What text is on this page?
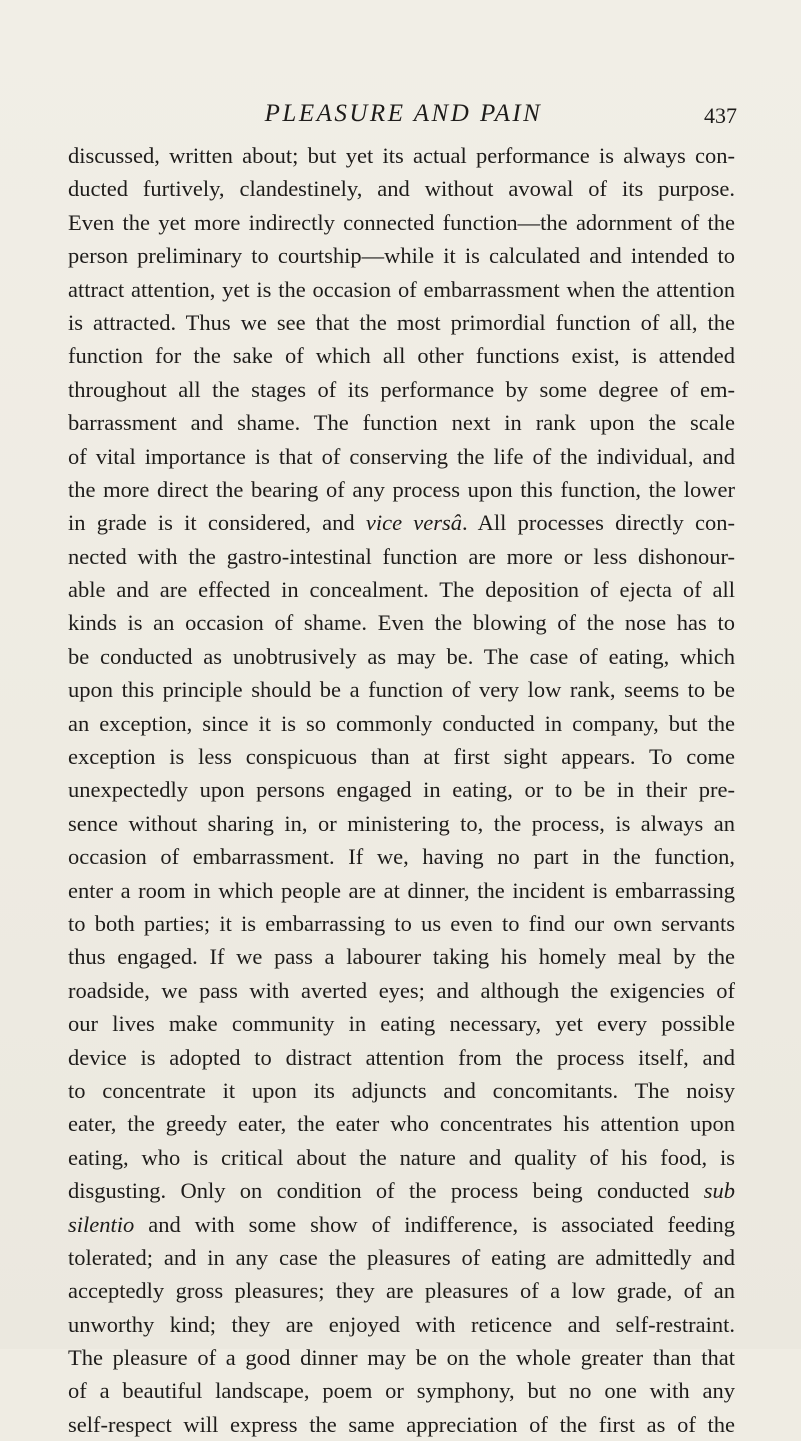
PLEASURE AND PAIN	437
discussed, written about; but yet its actual performance is always con-
ducted furtively, clandestinely, and without avowal of its purpose.
Even the yet more indirectly connected function—the adornment of the
person preliminary to courtship—while it is calculated and intended to
attract attention, yet is the occasion of embarrassment when the attention
is attracted. Thus we see that the most primordial function of all, the
function for the sake of which all other functions exist, is attended
throughout all the stages of its performance by some degree of em-
barrassment and shame. The function next in rank upon the scale
of vital importance is that of conserving the life of the individual, and
the more direct the bearing of any process upon this function, the lower
in grade is it considered, and vice versâ. All processes directly con-
nected with the gastro-intestinal function are more or less dishonour-
able and are effected in concealment. The deposition of ejecta of all
kinds is an occasion of shame. Even the blowing of the nose has to
be conducted as unobtrusively as may be. The case of eating, which
upon this principle should be a function of very low rank, seems to be
an exception, since it is so commonly conducted in company, but the
exception is less conspicuous than at first sight appears. To come
unexpectedly upon persons engaged in eating, or to be in their pre-
sence without sharing in, or ministering to, the process, is always an
occasion of embarrassment. If we, having no part in the function,
enter a room in which people are at dinner, the incident is embarrassing
to both parties; it is embarrassing to us even to find our own servants
thus engaged. If we pass a labourer taking his homely meal by the
roadside, we pass with averted eyes; and although the exigencies of
our lives make community in eating necessary, yet every possible
device is adopted to distract attention from the process itself, and
to concentrate it upon its adjuncts and concomitants. The noisy
eater, the greedy eater, the eater who concentrates his attention upon
eating, who is critical about the nature and quality of his food, is
disgusting. Only on condition of the process being conducted sub
silentio and with some show of indifference, is associated feeding
tolerated; and in any case the pleasures of eating are admittedly and
acceptedly gross pleasures; they are pleasures of a low grade, of an
unworthy kind; they are enjoyed with reticence and self-restraint.
The pleasure of a good dinner may be on the whole greater than that
of a beautiful landscape, poem or symphony, but no one with any
self-respect will express the same appreciation of the first as of the
